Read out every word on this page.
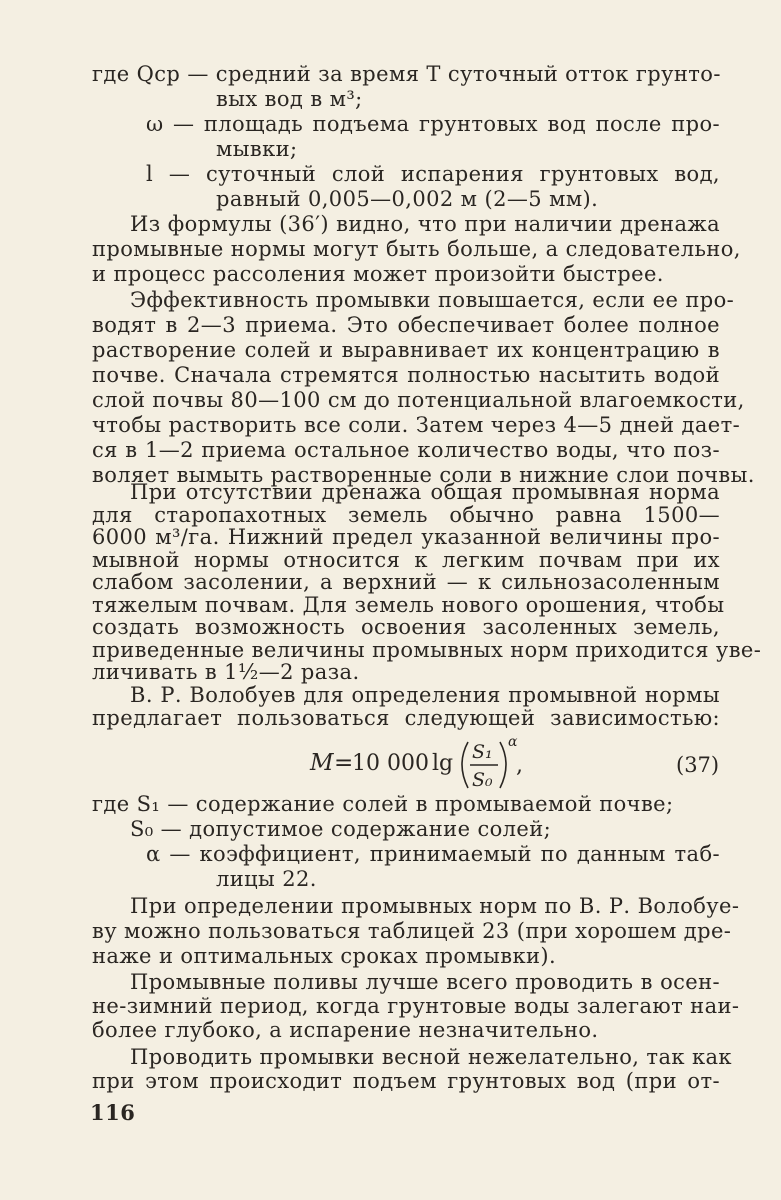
где Qср — средний за время T суточный отток грунто-
вых вод в м³;
ω — площадь подъема грунтовых вод после про-
мывки;
l — суточный слой испарения грунтовых вод,
равный 0,005—0,002 м (2—5 мм).
Из формулы (36′) видно, что при наличии дренажа
промывные нормы могут быть больше, а следовательно,
и процесс рассоления может произойти быстрее.
Эффективность промывки повышается, если ее про-
водят в 2—3 приема. Это обеспечивает более полное
растворение солей и выравнивает их концентрацию в
почве. Сначала стремятся полностью насытить водой
слой почвы 80—100 см до потенциальной влагоемкости,
чтобы растворить все соли. Затем через 4—5 дней дает-
ся в 1—2 приема остальное количество воды, что поз-
воляет вымыть растворенные соли в нижние слои почвы.
При отсутствии дренажа общая промывная норма
для старопахотных земель обычно равна 1500—
6000 м³/га. Нижний предел указанной величины про-
мывной нормы относится к легким почвам при их
слабом засолении, а верхний — к сильнозасоленным
тяжелым почвам. Для земель нового орошения, чтобы
создать возможность освоения засоленных земель,
приведенные величины промывных норм приходится уве-
личивать в 1½—2 раза.
M =
10 000 lg S₁
S₀
α
,	(37)
где S₁ — содержание солей в промываемой почве;
S₀ — допустимое содержание солей;
α — коэффициент, принимаемый по данным таб-
лицы 22.
При определении промывных норм по В. Р. Волобуе-
ву можно пользоваться таблицей 23 (при хорошем дре-
наже и оптимальных сроках промывки).
Промывные поливы лучше всего проводить в осен-
не-зимний период, когда грунтовые воды залегают наи-
более глубоко, а испарение незначительно.
116
В. Р. Волобуев для определения промывной нормы
предлагает пользоваться следующей зависимостью:
Проводить промывки весной нежелательно, так как
при этом происходит подъем грунтовых вод (при от-
